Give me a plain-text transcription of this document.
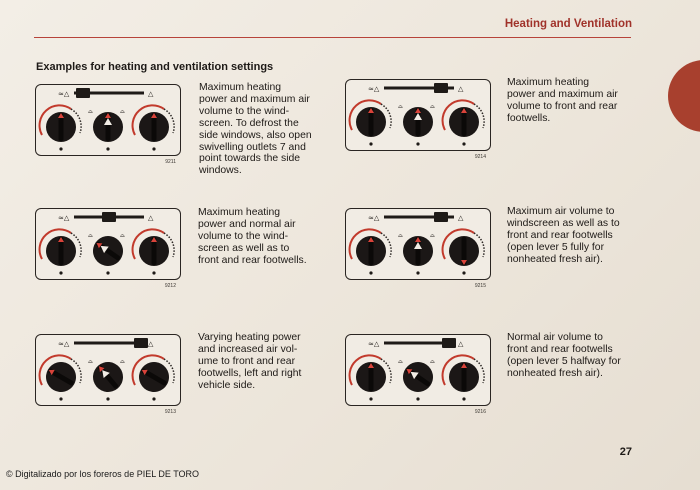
Heating and Ventilation
Examples for heating and ventilation settings
≈△	△
⌓	⌓
9211
Maximum heating
power and maximum air
volume to the wind-
screen. To defrost the
side windows, also open
swivelling outlets 7 and
point towards the side
windows.
≈△	△
⌓	⌓
9214
Maximum heating
power and maximum air
volume to front and rear
footwells.
≈△	△
⌓	⌓
9212
Maximum heating
power and normal air
volume to the wind-
screen as well as to
front and rear footwells.
≈△	△
⌓	⌓
9215
Maximum air volume to
windscreen as well as to
front and rear footwells
(open lever 5 fully for
nonheated fresh air).
≈△	△
⌓	⌓
9213
Varying heating power
and increased air vol-
ume to front and rear
footwells, left and right
vehicle side.
≈△	△
⌓	⌓
9216
Normal air volume to
front and rear footwells
(open lever 5 halfway for
nonheated fresh air).
27
© Digitalizado por los foreros de PIEL DE TORO
